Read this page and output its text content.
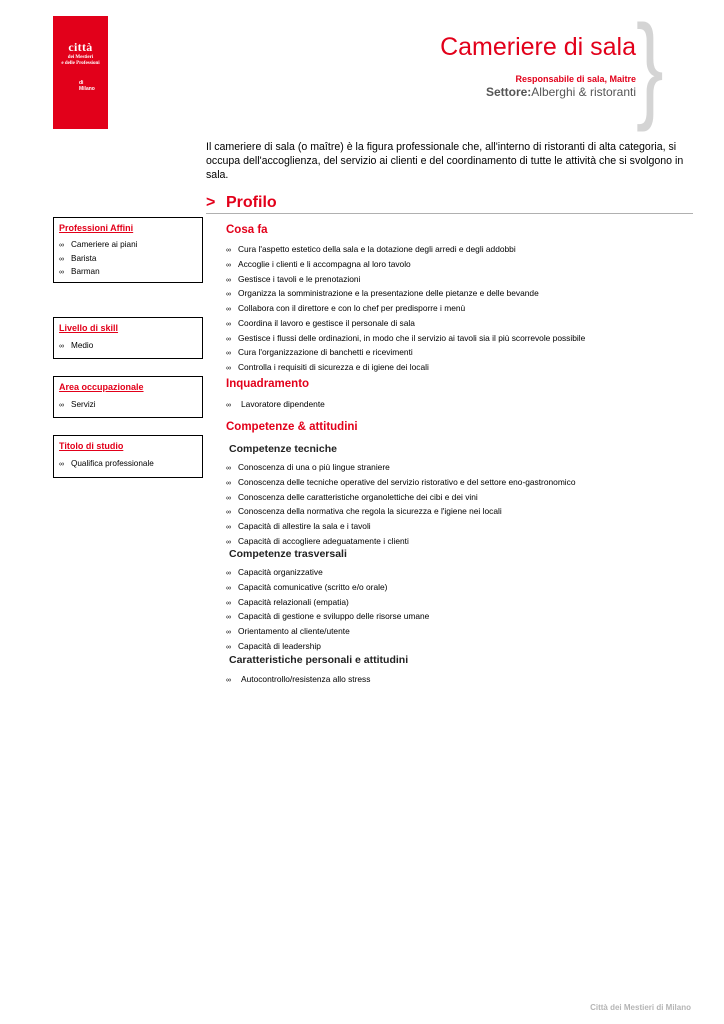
città
dei Mestieri
e delle Professioni
di
Milano	}
Cameriere di sala
Responsabile di sala, Maitre
Settore:Alberghi & ristoranti
Il cameriere di sala (o maître) è la figura professionale che, all'interno di ristoranti di alta categoria, si occupa dell'accoglienza, del servizio ai clienti e del coordinamento di tutte le attività che si svolgono in sala.
> Profilo
Professioni Affini
∞ Cameriere ai piani
∞ Barista
∞ Barman
Livello di skill
∞ Medio
Area occupazionale
∞ Servizi
Titolo di studio
∞ Qualifica professionale
Cosa fa
∞ Cura l'aspetto estetico della sala e la dotazione degli arredi e degli addobbi
∞ Accoglie i clienti e li accompagna al loro tavolo
∞ Gestisce i tavoli e le prenotazioni
∞ Organizza la somministrazione e la presentazione delle pietanze e delle bevande
∞ Collabora con il direttore e con lo chef per predisporre i menù
∞ Coordina il lavoro e gestisce il personale di sala
∞ Gestisce i flussi delle ordinazioni, in modo che il servizio ai tavoli sia il più scorrevole possibile
∞ Cura l'organizzazione di banchetti e ricevimenti
∞ Controlla i requisiti di sicurezza e di igiene dei locali
Inquadramento
∞ Lavoratore dipendente
Competenze & attitudini
Competenze tecniche
∞ Conoscenza di una o più lingue straniere
∞ Conoscenza delle tecniche operative del servizio ristorativo e del settore eno-gastronomico
∞ Conoscenza delle caratteristiche organolettiche dei cibi e dei vini
∞ Conoscenza della normativa che regola la sicurezza e l'igiene nei locali
∞ Capacità di allestire la sala e i tavoli
∞ Capacità di accogliere adeguatamente i clienti
Competenze trasversali
∞ Capacità organizzative
∞ Capacità comunicative (scritto e/o orale)
∞ Capacità relazionali (empatia)
∞ Capacità di gestione e sviluppo delle risorse umane
∞ Orientamento al cliente/utente
∞ Capacità di leadership
Caratteristiche personali e attitudini
∞ Autocontrollo/resistenza allo stress
Città dei Mestieri di Milano
